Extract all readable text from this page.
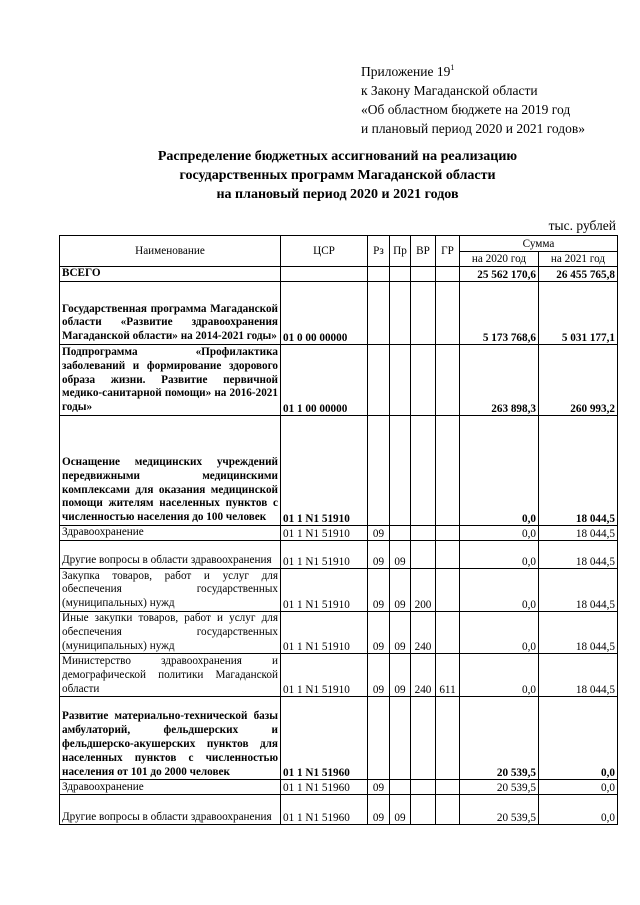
Приложение $19^1$
к Закону Магаданской области
«Об областном бюджете на 2019 год
и плановый период 2020 и 2021 годов»
Распределение бюджетных ассигнований на реализацию
государственных программ Магаданской области
на плановый период 2020 и 2021 годов
тыс. рублей
Наименование	ЦСР	Рз	Пр	ВР	ГР	Сумма	
						на 2020 год	на 2021 год
ВСЕГО						25 562 170,6	26 455 765,8
Государственная программа Магаданской области «Развитие здравоохранения Магаданской области» на 2014-2021 годы»	01 0 00 00000					5 173 768,6	5 031 177,1
Подпрограмма «Профилактика заболеваний и формирование здорового образа жизни. Развитие первичной медико-санитарной помощи» на 2016-2021 годы»	01 1 00 00000					263 898,3	260 993,2
Оснащение медицинских учреждений передвижными медицинскими комплексами для оказания медицинской помощи жителям населенных пунктов с численностью населения до 100 человек	01 1 N1 51910					0,0	18 044,5
Здравоохранение	01 1 N1 51910	09				0,0	18 044,5
Другие вопросы в области здравоохранения	01 1 N1 51910	09	09			0,0	18 044,5
Закупка товаров, работ и услуг для обеспечения государственных (муниципальных) нужд	01 1 N1 51910	09	09	200		0,0	18 044,5
Иные закупки товаров, работ и услуг для обеспечения государственных (муниципальных) нужд	01 1 N1 51910	09	09	240		0,0	18 044,5
Министерство здравоохранения и демографической политики Магаданской области	01 1 N1 51910	09	09	240	611	0,0	18 044,5
Развитие материально-технической базы амбулаторий, фельдшерских и фельдшерско-акушерских пунктов для населенных пунктов с численностью населения от 101 до 2000 человек	01 1 N1 51960					20 539,5	0,0
Здравоохранение	01 1 N1 51960	09				20 539,5	0,0
Другие вопросы в области здравоохранения	01 1 N1 51960	09	09			20 539,5	0,0
